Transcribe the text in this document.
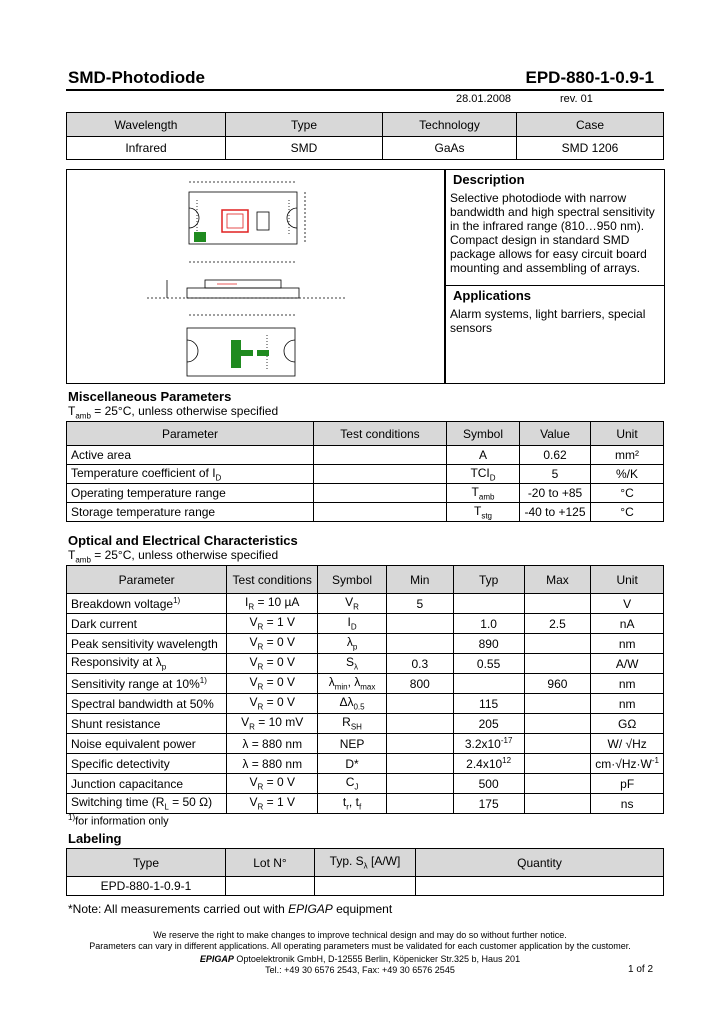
SMD-Photodiode	EPD-880-1-0.9-1
28.01.2008	rev. 01
Wavelength	Type	Technology	Case
Infrared	SMD	GaAs	SMD 1206
Description
Selective photodiode with narrow bandwidth and high spectral sensitivity in the infrared range (810…950 nm). Compact design in standard SMD package allows for easy circuit board mounting and assembling of arrays.
Applications
Alarm systems, light barriers, special sensors
Miscellaneous Parameters
$T_{amb} = 25^\circ C$, unless otherwise specified
Parameter	Test conditions	Symbol	Value	Unit
Active area		A	0.62	mm²
Temperature coefficient of $I_D$		$TCI_D$	5	%/K
Operating temperature range		$T_{amb}$	-20 to +85	°C
Storage temperature range		$T_{stg}$	-40 to +125	°C
Optical and Electrical Characteristics
$T_{amb} = 25^\circ C$, unless otherwise specified
Parameter	Test conditions	Symbol	Min	Typ	Max	Unit
Breakdown voltage$^{1)}$	$I_R = 10$ µA	$V_R$	5			V
Dark current	$V_R = 1$ V	$I_D$		1.0	2.5	nA
Peak sensitivity wavelength	$V_R = 0$ V	$\lambda_p$		890		nm
Responsivity at $\lambda_p$	$V_R = 0$ V	$S_\lambda$	0.3	0.55		A/W
Sensitivity range at 10%$^{1)}$	$V_R = 0$ V	$\lambda_{min}$, $\lambda_{max}$	800		960	nm
Spectral bandwidth at 50%	$V_R = 0$ V	$\Delta\lambda_{0.5}$		115		nm
Shunt resistance	$V_R = 10$ mV	$R_{SH}$		205		GΩ
Noise equivalent power	λ = 880 nm	NEP		$3.2x10^{-17}$		W/ √Hz
Specific detectivity	λ = 880 nm	D*		$2.4x10^{12}$		$cm\cdot√Hz\cdot W^{-1}$
Junction capacitance	$V_R = 0$ V	$C_J$		500		pF
Switching time ($R_L = 50$ Ω)	$V_R = 1$ V	$t_r$, $t_f$		175		ns
$^{1)}$for information only
Labeling
Type	Lot N°	Typ. $S_\lambda$ [A/W]	Quantity
EPD-880-1-0.9-1			
*Note: All measurements carried out with EPIGAP equipment
We reserve the right to make changes to improve technical design and may do so without further notice.
Parameters can vary in different applications. All operating parameters must be validated for each customer application by the customer.
EPIGAP Optoelektronik GmbH, D-12555 Berlin, Köpenicker Str.325 b, Haus 201
Tel.: +49 30 6576 2543, Fax: +49 30 6576 2545	1 of 2
